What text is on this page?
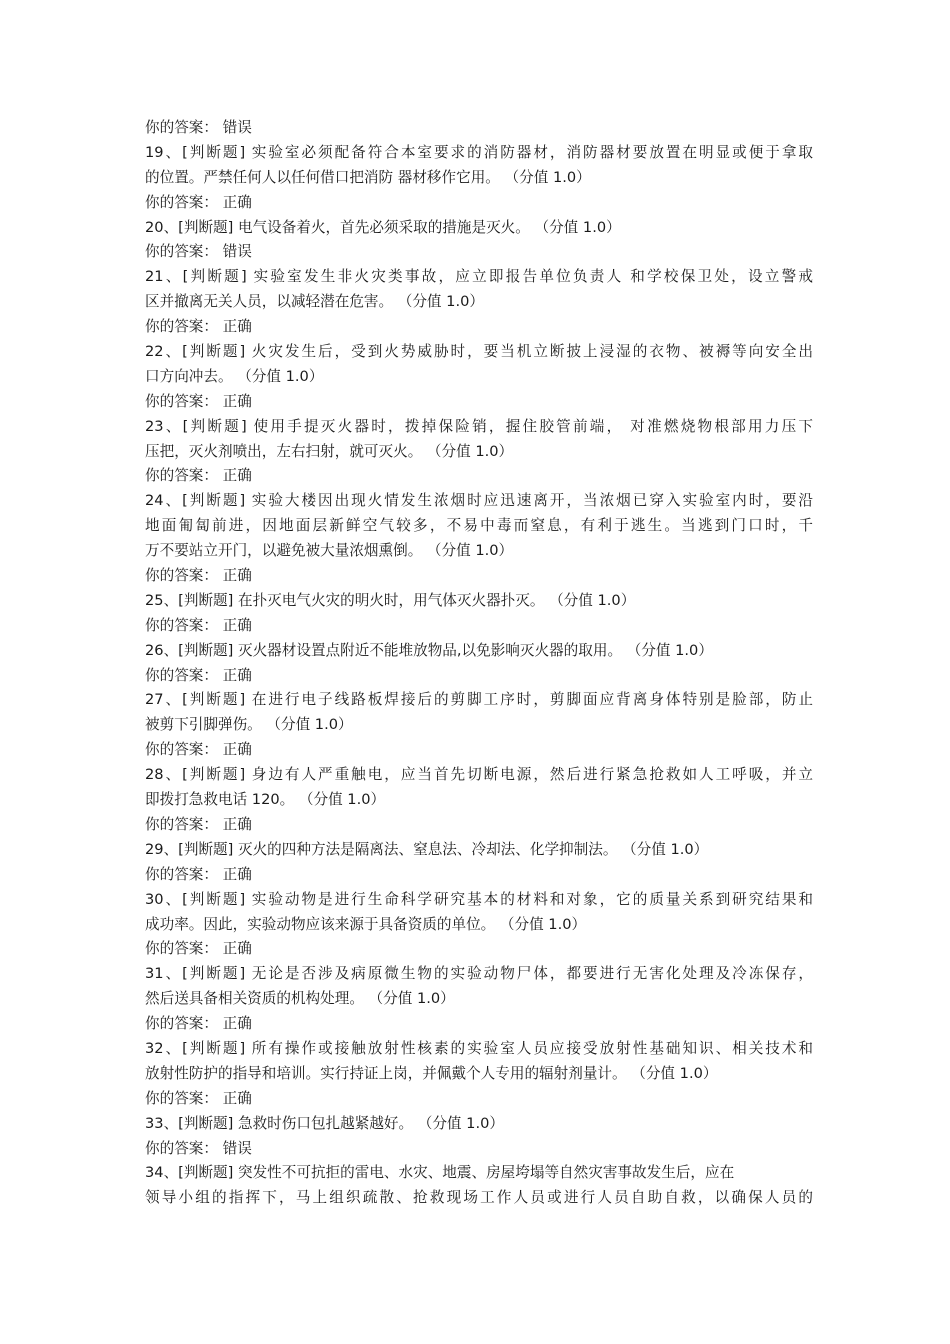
你的答案： 错误
19、[判断题] 实验室必须配备符合本室要求的消防器材，消防器材要放置在明显或便于拿取
的位置。严禁任何人以任何借口把消防 器材移作它用。 （分值 1.0）
你的答案： 正确
20、[判断题] 电气设备着火，首先必须采取的措施是灭火。 （分值 1.0）
你的答案： 错误
21、[判断题] 实验室发生非火灾类事故，应立即报告单位负责人 和学校保卫处，设立警戒
区并撤离无关人员，以减轻潜在危害。 （分值 1.0）
你的答案： 正确
22、[判断题] 火灾发生后，受到火势威胁时，要当机立断披上浸湿的衣物、被褥等向安全出
口方向冲去。 （分值 1.0）
你的答案： 正确
23、[判断题] 使用手提灭火器时，拨掉保险销，握住胶管前端， 对准燃烧物根部用力压下
压把，灭火剂喷出，左右扫射，就可灭火。 （分值 1.0）
你的答案： 正确
24、[判断题] 实验大楼因出现火情发生浓烟时应迅速离开，当浓烟已穿入实验室内时，要沿
地面匍匐前进，因地面层新鲜空气较多，不易中毒而窒息，有利于逃生。当逃到门口时，千
万不要站立开门，以避免被大量浓烟熏倒。 （分值 1.0）
你的答案： 正确
25、[判断题] 在扑灭电气火灾的明火时，用气体灭火器扑灭。 （分值 1.0）
你的答案： 正确
26、[判断题] 灭火器材设置点附近不能堆放物品,以免影响灭火器的取用。 （分值 1.0）
你的答案： 正确
27、[判断题] 在进行电子线路板焊接后的剪脚工序时，剪脚面应背离身体特别是脸部，防止
被剪下引脚弹伤。 （分值 1.0）
你的答案： 正确
28、[判断题] 身边有人严重触电，应当首先切断电源，然后进行紧急抢救如人工呼吸，并立
即拨打急救电话 120。 （分值 1.0）
你的答案： 正确
29、[判断题] 灭火的四种方法是隔离法、窒息法、冷却法、化学抑制法。 （分值 1.0）
你的答案： 正确
30、[判断题] 实验动物是进行生命科学研究基本的材料和对象，它的质量关系到研究结果和
成功率。因此，实验动物应该来源于具备资质的单位。 （分值 1.0）
你的答案： 正确
31、[判断题] 无论是否涉及病原微生物的实验动物尸体，都要进行无害化处理及冷冻保存，
然后送具备相关资质的机构处理。 （分值 1.0）
你的答案： 正确
32、[判断题] 所有操作或接触放射性核素的实验室人员应接受放射性基础知识、相关技术和
放射性防护的指导和培训。实行持证上岗，并佩戴个人专用的辐射剂量计。 （分值 1.0）
你的答案： 正确
33、[判断题] 急救时伤口包扎越紧越好。 （分值 1.0）
你的答案： 错误
34、[判断题] 突发性不可抗拒的雷电、水灾、地震、房屋垮塌等自然灾害事故发生后，应在
领导小组的指挥下，马上组织疏散、抢救现场工作人员或进行人员自助自救，以确保人员的
